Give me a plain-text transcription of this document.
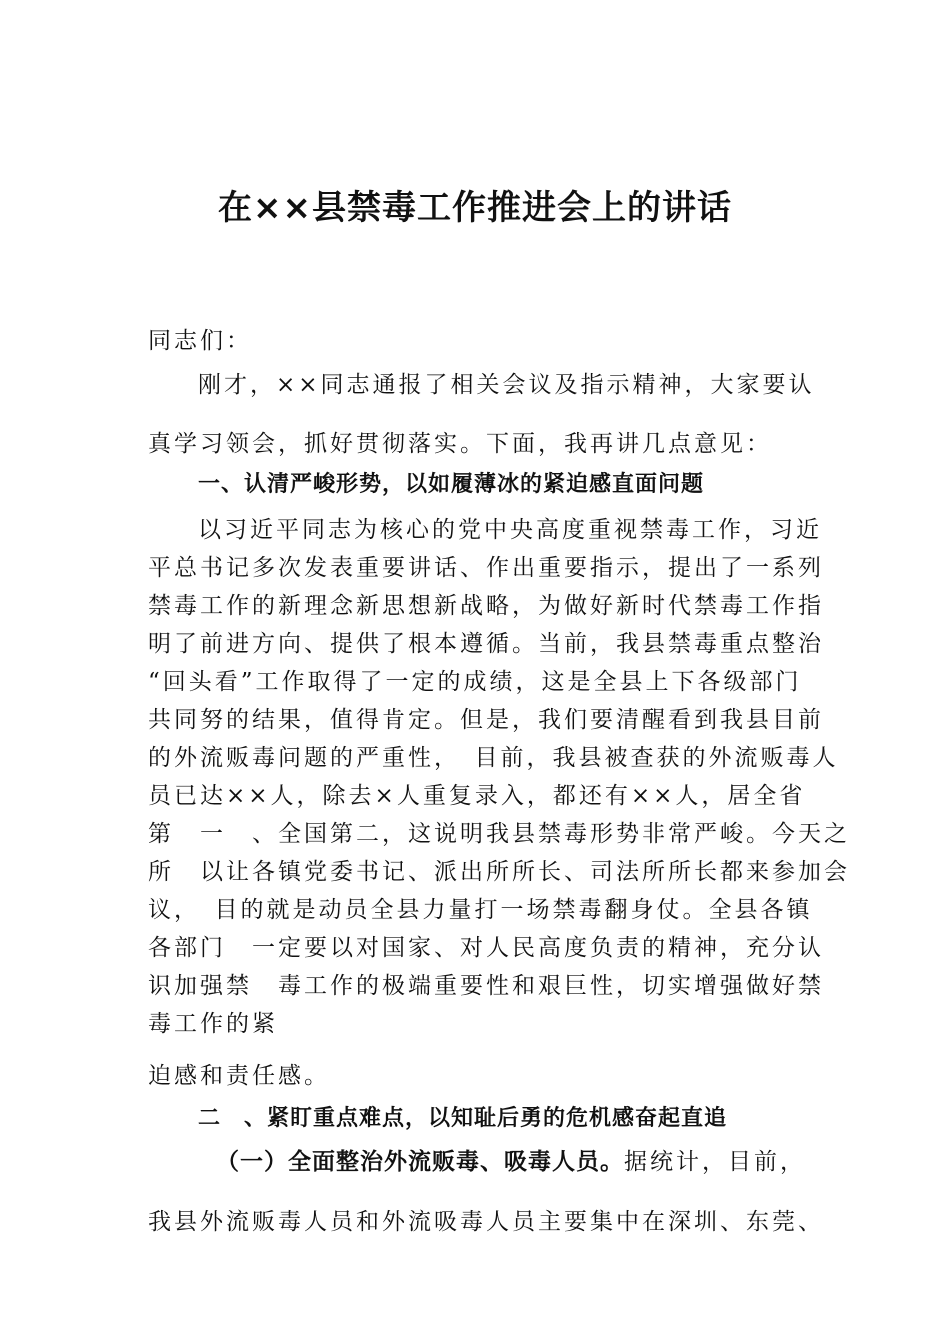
在××县禁毒工作推进会上的讲话
同志们：
刚才，××同志通报了相关会议及指示精神，大家要认
真学习领会，抓好贯彻落实。下面，我再讲几点意见：
一、认清严峻形势，以如履薄冰的紧迫感直面问题
以习近平同志为核心的党中央高度重视禁毒工作，习近
平总书记多次发表重要讲话、作出重要指示，提出了一系列
禁毒工作的新理念新思想新战略，为做好新时代禁毒工作指
明了前进方向、提供了根本遵循。当前，我县禁毒重点整治
“回头看”工作取得了一定的成绩，这是全县上下各级部门
共同努的结果，值得肯定。但是，我们要清醒看到我县目前
的外流贩毒问题的严重性，　目前，我县被查获的外流贩毒人
员已达××人，除去×人重复录入，都还有××人，居全省
第　一　、全国第二，这说明我县禁毒形势非常严峻。今天之
所　以让各镇党委书记、派出所所长、司法所所长都来参加会
议，　目的就是动员全县力量打一场禁毒翻身仗。全县各镇
各部门　一定要以对国家、对人民高度负责的精神，充分认
识加强禁　毒工作的极端重要性和艰巨性，切实增强做好禁
毒工作的紧
迫感和责任感。
二　、紧盯重点难点，以知耻后勇的危机感奋起直追
（一）全面整治外流贩毒、吸毒人员。据统计，目前，
我县外流贩毒人员和外流吸毒人员主要集中在深圳、东莞、
